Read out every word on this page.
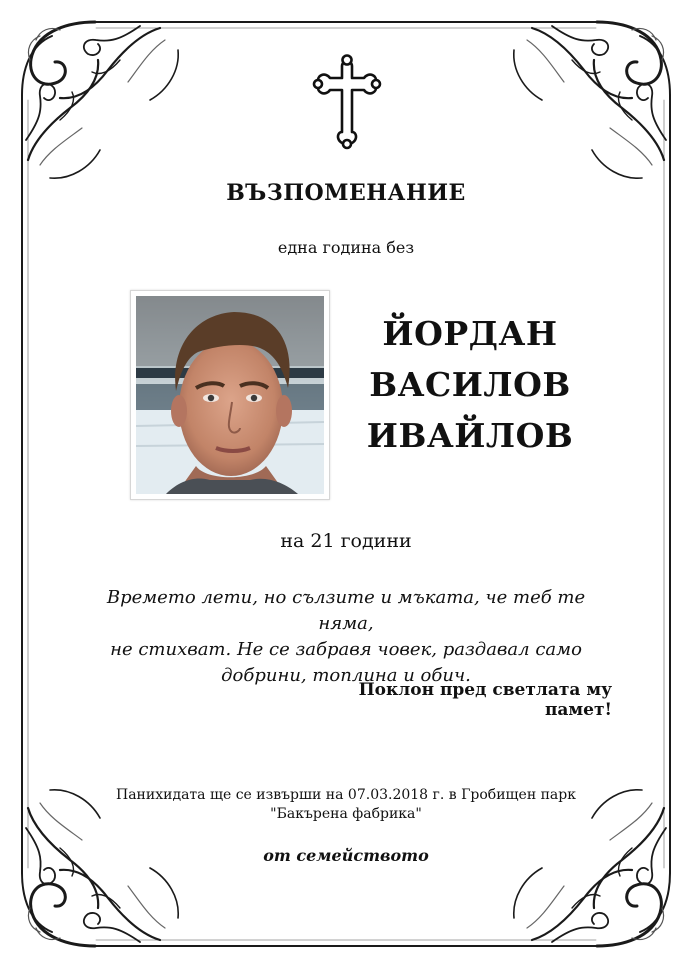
ВЪЗПОМЕНАНИЕ
една година без
ЙОРДАН
ВАСИЛОВ
ИВАЙЛОВ
на 21 години
Времето лети, но сълзите и мъката, че теб те няма,
не стихват. Не се забравя човек, раздавал само
добрини, топлина и обич.
Поклон пред светлата му памет!
Панихидата ще се извърши на 07.03.2018 г. в Гробищен парк
"Бакърена фабрика"
от семейството
